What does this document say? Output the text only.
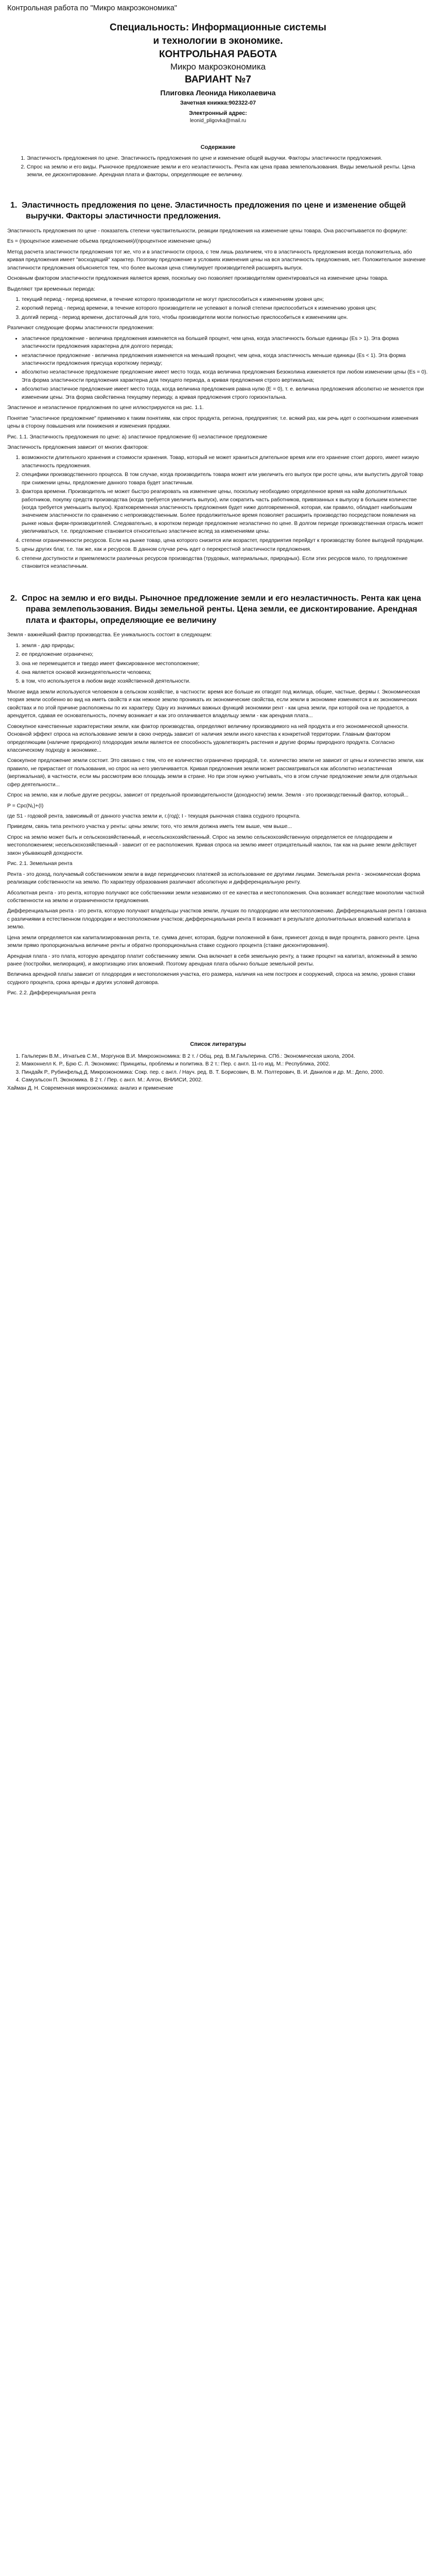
Контрольная работа по "Микро макроэкономика"
Специальность: Информационные системы
и технологии в экономике.
КОНТРОЛЬНАЯ РАБОТА
Микро макроэкономика
ВАРИАНТ №7
Плиговка Леонида Николаевича
Зачетная книжка:902322-07
Электронный адрес:
leonid_pligovka@mail.ru
Содержание
1. Эластичность предложения по цене. Эластичность предложения по цене и изменение общей выручки. Факторы эластичности предложения.
2. Спрос на землю и его виды. Рыночное предложение земли и его неэластичность. Рента как цена права землепользования. Виды земельной ренты. Цена земли, ее дисконтирование. Арендная плата и факторы, определяющие ее величину.
1. Эластичность предложения по цене. Эластичность предложения по цене и изменение общей выручки. Факторы эластичности предложения.

Эластичность предложения по цене - показатель степени чувствительности, реакции предложения на изменение цены товара. Она рассчитывается по формуле:

Es = (процентное изменение объема предложения)/(процентное изменение цены)

Метод расчета эластичности предложения тот же, что и в эластичности спроса, с тем лишь различием, что в эластичность предложения всегда положительна, або кривая предложения имеет "восходящий" характер. Поэтому предложение в условиях изменения цены на вся эластичность предложения, нет. Положительное значение эластичности предложения объясняется тем, что более высокая цена стимулирует производителей расширять выпуск.

Основным фактором эластичности предложения является время, поскольку оно позволяет производителям ориентироваться на изменение цены товара.

Выделяют три временных периода:

1. текущий период - период времени, в течение которого производители не могут приспособиться к изменениям уровня цен;
2. короткий период - период времени, в течение которого производители не успевают в полной степени приспособиться к изменению уровня цен;
3. долгий период - период времени, достаточный для того, чтобы производители могли полностью приспособиться к изменениям цен.

Различают следующие формы эластичности предложения:

• эластичное предложение - величина предложения изменяется на большей процент, чем цена, когда эластичность больше единицы (Es > 1). Эта форма эластичности предложения характерна для долгого периода;
• неэластичное предложение - величина предложения изменяется на меньший процент, чем цена, когда эластичность меньше единицы (Es < 1). Эта форма эластичности предложения присуща короткому периоду;
• абсолютно неэластичное предложение предложение имеет место тогда, когда величина предложения Безоколина изменяется при любом изменении цены (Es = 0). Эта форма эластичности предложения характерна для текущего периода, а кривая предложения строго вертикальна;
• абсолютно эластичное предложение имеет место тогда, когда величина предложения равна нулю (Е = 0), т. е. величина предложения абсолютно не меняется при изменении цены. Эта форма свойственна текущему периоду, а кривая предложения строго горизонтальна.

Эластичное и неэластичное предложения по цене иллюстрируются на рис. 1.1.

Понятие "эластичное предложение" применимо к таким понятиям, как спрос продукта, региона, предприятия; т.е. всякий раз, как речь идет о соотношении изменения цены в сторону повышения или понижения и изменения продажи.

Рис. 1.1. Эластичность предложения по цене: а) эластичное предложение б) неэластичное предложение

Эластичность предложения зависит от многих факторов:

1. возможности длительного хранения и стоимости хранения. Товар, который не может храниться длительное время или его хранение стоит дорого, имеет низкую эластичность предложения.
2. специфики производственного процесса. В том случае, когда производитель товара может или увеличить его выпуск при росте цены, или выпустить другой товар при снижении цены, предложение данного товара будет эластичным.
3. фактора времени. Производитель не может быстро реагировать на изменение цены, поскольку необходимо определенное время на найм дополнительных работников, покупку средств производства (когда требуется увеличить выпуск), или сократить часть работников, привязанных к выпуску в большем количестве (когда требуется уменьшить выпуск). Кратковременная эластичность предложения будет ниже долговременной, которая, как правило, обладает наибольшим значением эластичности по сравнению с непроизводственным. Более продолжительное время позволяет расширить производство посредством появления на рынке новых фирм-производителей. Следовательно, в коротком периоде предложение неэластично по цене. В долгом периоде производственная отрасль может увеличиваться, т.е. предложение становится относительно эластичнее вслед за изменениями цены.
4. степени ограниченности ресурсов. Если на рынке товар, цена которого снизится или возрастет, предприятия перейдут к производству более выгодной продукции.
5. цены других благ, т.е. так же, как и ресурсов. В данном случае речь идет о перекрестной эластичности предложения.
6. степени доступности и приемлемости различных ресурсов производства (трудовых, материальных, природных). Если этих ресурсов мало, то предложение становится неэластичным.
2. Спрос на землю и его виды. Рыночное предложение земли и его неэластичность. Рента как цена права землепользования. Виды земельной ренты. Цена земли, ее дисконтирование. Арендная плата и факторы, определяющие ее величину

Земля - важнейший фактор производства. Ее уникальность состоит в следующем:

1. земля - дар природы;
2. ее предложение ограничено;
3. она не перемещается и твердо имеет фиксированное местоположение;
4. она является основой жизнедеятельности человека;
5. в том, что используется в любом виде хозяйственной деятельности.

Многие вида земли используются человеком в сельском хозяйстве, в частности: время все больше их отводят под жилища, общие, частные, фермы г. Экономическая теория земли особенно во вид на иметь свойств и как нежное землю проникать их экономические свойства, если земли в экономике изменяются в их экономических свойствах и по этой причине расположены по их характеру. Одну из значимых важных функций экономики рент - как цена земли, при которой она не продается, а арендуется, сдавая ее основательность, почему возникает и как это оплачивается владельцу земли - как арендная плата...

Совокупное качественные характеристики земли, как фактор производства, определяют величину производимого на ней продукта и его экономической ценности. Основной эффект спроса на использование земли в свою очередь зависит от наличия земли иного качества к конкретной территории. Главным фактором определяющим (наличие природного) плодородия земли является ее способность удовлетворять растения и другие формы природного продукта. Согласно классическому подходу в экономике...

Совокупное предложение земли состоит. Это связано с тем, что ее количество ограничено природой, т.е. количество земли не зависит от цены и количество земли, как правило, не прирастает от пользования, но спрос на него увеличивается. Кривая предложения земли может рассматриваться как абсолютно неэластичная (вертикальная), в частности, если мы рассмотрим всю площадь земли в стране. Но при этом нужно учитывать, что в этом случае предложение земли для отдельных сфер деятельности...

Спрос на землю, как и любые другие ресурсы, зависит от предельной производительности (доходности) земли. Земля - это производственный фактор, который...

Р = Срс(N₁)+(I)

где S1 - годовой рента, зависимый от данного участка земли и, г.(год); I - текущая рыночная ставка ссудного процента.

Приведем, связь типа рентного участка у ренты: цены земли; того, что земля должна иметь тем выше, чем выше...

Спрос на землю может быть и сельскохозяйственный, и несельскохозяйственный. Спрос на землю сельскохозяйственную определяется ее плодородием и местоположением; несельскохозяйственный - зависит от ее расположения. Кривая спроса на землю имеет отрицательный наклон, так как на рынке земли действует закон убывающей доходности.

Рис. 2.1. Земельная рента

Рента - это доход, получаемый собственником земли в виде периодических платежей за использование ее другими лицами. Земельная рента - экономическая форма реализации собственности на землю. По характеру образования различают абсолютную и дифференциальную ренту.

Абсолютная рента - это рента, которую получают все собственники земли независимо от ее качества и местоположения. Она возникает вследствие монополии частной собственности на землю и ограниченности предложения.

Дифференциальная рента - это рента, которую получают владельцы участков земли, лучших по плодородию или местоположению. Дифференциальная рента I связана с различиями в естественном плодородии и местоположении участков; дифференциальная рента II возникает в результате дополнительных вложений капитала в землю.

Цена земли определяется как капитализированная рента, т.е. сумма денег, которая, будучи положенной в банк, принесет доход в виде процента, равного ренте. Цена земли прямо пропорциональна величине ренты и обратно пропорциональна ставке ссудного процента (ставке дисконтирования).

Арендная плата - это плата, которую арендатор платит собственнику земли. Она включает в себя земельную ренту, а также процент на капитал, вложенный в землю ранее (постройки, мелиорация), и амортизацию этих вложений. Поэтому арендная плата обычно больше земельной ренты.

Величина арендной платы зависит от плодородия и местоположения участка, его размера, наличия на нем построек и сооружений, спроса на землю, уровня ставки ссудного процента, срока аренды и других условий договора.

Рис. 2.2. Дифференциальная рента

Список литературы
1. Гальперин В.М., Игнатьев С.М., Моргунов В.И. Микроэкономика: В 2 т. / Общ. ред. В.М.Гальперина. СПб.: Экономическая школа, 2004.
2. Макконнелл К. Р., Брю С. Л. Экономикс: Принципы, проблемы и политика. В 2 т.: Пер. с англ. 11-го изд. М.: Республика, 2002.
3. Пиндайк Р., Рубинфельд Д. Микроэкономика: Сокр. пер. с англ. / Науч. ред. В. Т. Борисович, В. М. Полтерович, В. И. Данилов и др. М.: Дело, 2000.
4. Самуэльсон П. Экономика. В 2 т. / Пер. с англ. М.: Алгон, ВНИИСИ, 2002.

Хайман Д. Н. Современная микроэкономика: анализ и применение
